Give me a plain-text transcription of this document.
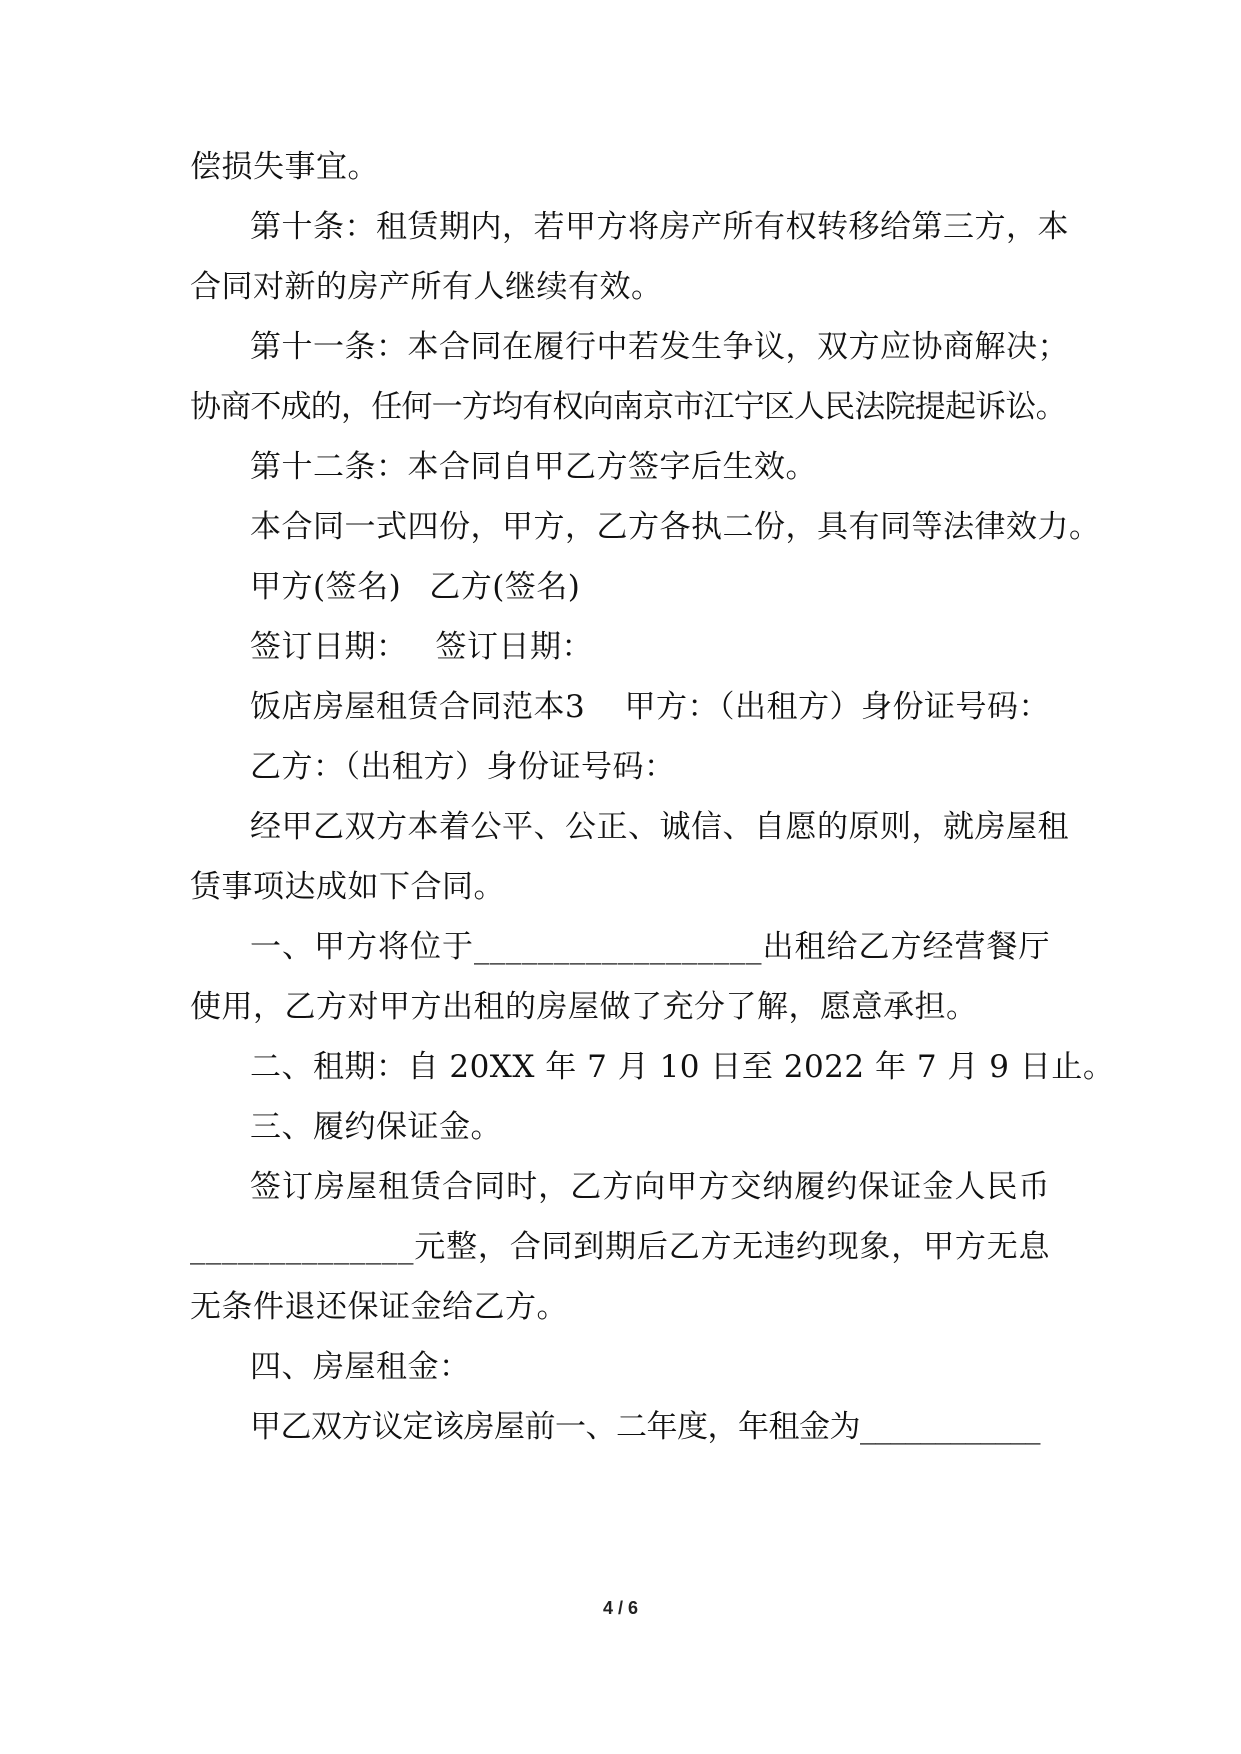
偿损失事宜。
第十条：租赁期内，若甲方将房产所有权转移给第三方，本
合同对新的房产所有人继续有效。
第十一条：本合同在履行中若发生争议，双方应协商解决；
协商不成的，任何一方均有权向南京市江宁区人民法院提起诉讼。
第十二条：本合同自甲乙方签字后生效。
本合同一式四份，甲方，乙方各执二份，具有同等法律效力。
甲方(签名) 乙方(签名)
签订日期： 签订日期：
饭店房屋租赁合同范本3 甲方：（出租方）身份证号码：
乙方：（出租方）身份证号码：
经甲乙双方本着公平、公正、诚信、自愿的原则，就房屋租
赁事项达成如下合同。
一、甲方将位于__________________出租给乙方经营餐厅
使用，乙方对甲方出租的房屋做了充分了解，愿意承担。
二、租期：自 20XX 年 7 月 10 日至 2022 年 7 月 9 日止。
三、履约保证金。
签订房屋租赁合同时，乙方向甲方交纳履约保证金人民币
______________元整，合同到期后乙方无违约现象，甲方无息
无条件退还保证金给乙方。
四、房屋租金：
甲乙双方议定该房屋前一、二年度，年租金为____________
4 / 6
